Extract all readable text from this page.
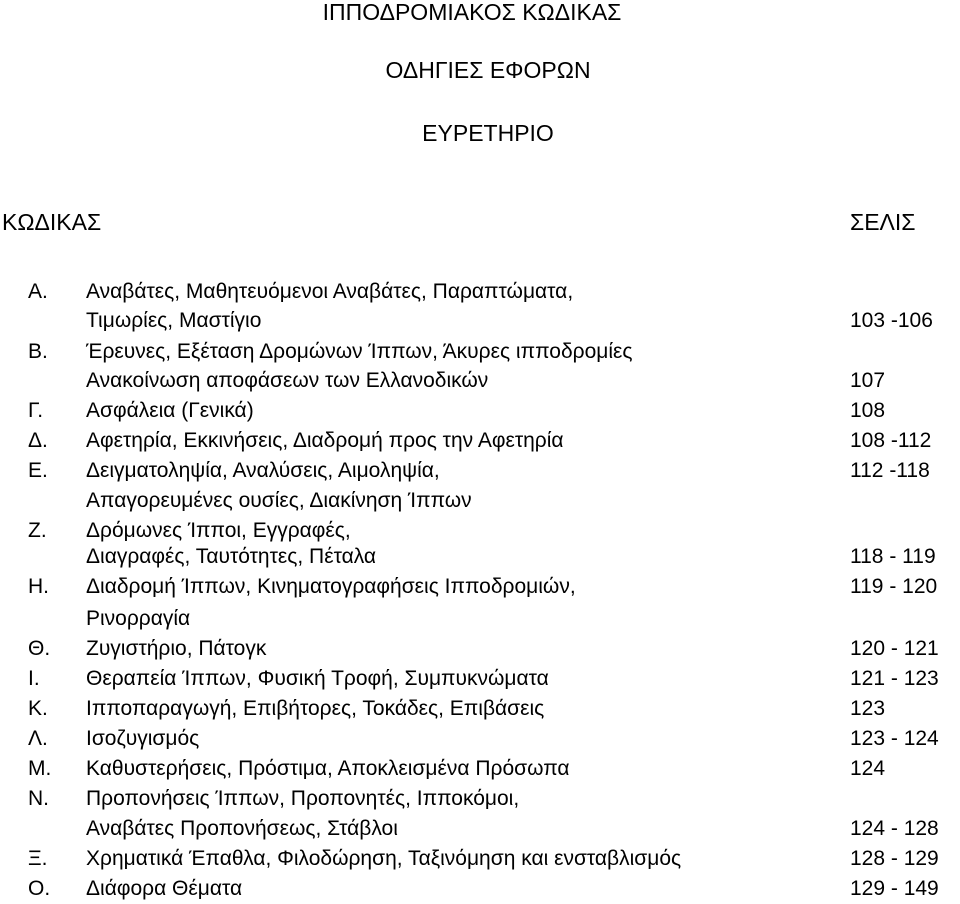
ΙΠΠΟΔΡΟΜΙΑΚΟΣ ΚΩΔΙΚΑΣ
ΟΔΗΓΙΕΣ ΕΦΟΡΩΝ
ΕΥΡΕΤΗΡΙΟ
ΚΩΔΙΚΑΣ	ΣΕΛΙΣ
Α. Αναβάτες, Μαθητευόμενοι Αναβάτες, Παραπτώματα,
Τιμωρίες, Μαστίγιο	103 -106
Β. Έρευνες, Εξέταση Δρομώνων Ίππων, Άκυρες ιπποδρομίες
Ανακοίνωση αποφάσεων των Ελλανοδικών	107
Γ. Ασφάλεια (Γενικά)	108
Δ. Αφετηρία, Εκκινήσεις, Διαδρομή προς την Αφετηρία	108 -112
Ε. Δειγματοληψία, Αναλύσεις, Αιμοληψία,	112 -118
Απαγορευμένες ουσίες, Διακίνηση Ίππων
Ζ. Δρόμωνες Ίπποι, Εγγραφές,
Διαγραφές, Ταυτότητες, Πέταλα	118 - 119
Η. Διαδρομή Ίππων, Κινηματογραφήσεις Ιπποδρομιών,	119 - 120
Ρινορραγία
Θ. Ζυγιστήριο, Πάτογκ	120 - 121
Ι. Θεραπεία Ίππων, Φυσική Τροφή, Συμπυκνώματα	121 - 123
Κ. Ιπποπαραγωγή, Επιβήτορες, Τοκάδες, Επιβάσεις	123
Λ. Ισοζυγισμός	123 - 124
Μ. Καθυστερήσεις, Πρόστιμα, Αποκλεισμένα Πρόσωπα	124
Ν. Προπονήσεις Ίππων, Προπονητές, Ιπποκόμοι,
Αναβάτες Προπονήσεως, Στάβλοι	124 - 128
Ξ. Χρηματικά Έπαθλα, Φιλοδώρηση, Ταξινόμηση και ενσταβλισμός	128 - 129
Ο. Διάφορα Θέματα	129 - 149
